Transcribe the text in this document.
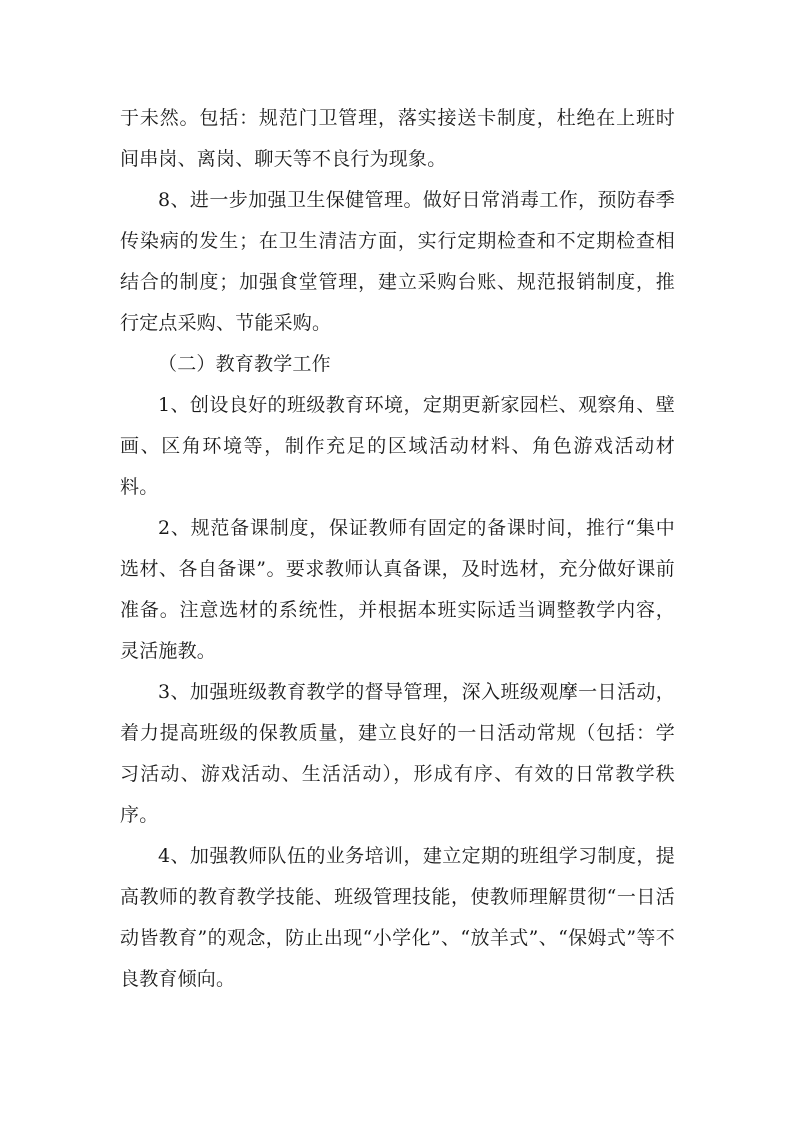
于未然。包括：规范门卫管理，落实接送卡制度，杜绝在上班时间串岗、离岗、聊天等不良行为现象。

8、进一步加强卫生保健管理。做好日常消毒工作，预防春季传染病的发生；在卫生清洁方面，实行定期检查和不定期检查相结合的制度；加强食堂管理，建立采购台账、规范报销制度，推行定点采购、节能采购。

（二）教育教学工作

1、创设良好的班级教育环境，定期更新家园栏、观察角、壁画、区角环境等，制作充足的区域活动材料、角色游戏活动材料。

2、规范备课制度，保证教师有固定的备课时间，推行“集中选材、各自备课”。要求教师认真备课，及时选材，充分做好课前准备。注意选材的系统性，并根据本班实际适当调整教学内容，灵活施教。

3、加强班级教育教学的督导管理，深入班级观摩一日活动，着力提高班级的保教质量，建立良好的一日活动常规（包括：学习活动、游戏活动、生活活动），形成有序、有效的日常教学秩序。

4、加强教师队伍的业务培训，建立定期的班组学习制度，提高教师的教育教学技能、班级管理技能，使教师理解贯彻“一日活动皆教育”的观念，防止出现“小学化”、“放羊式”、“保姆式”等不良教育倾向。
